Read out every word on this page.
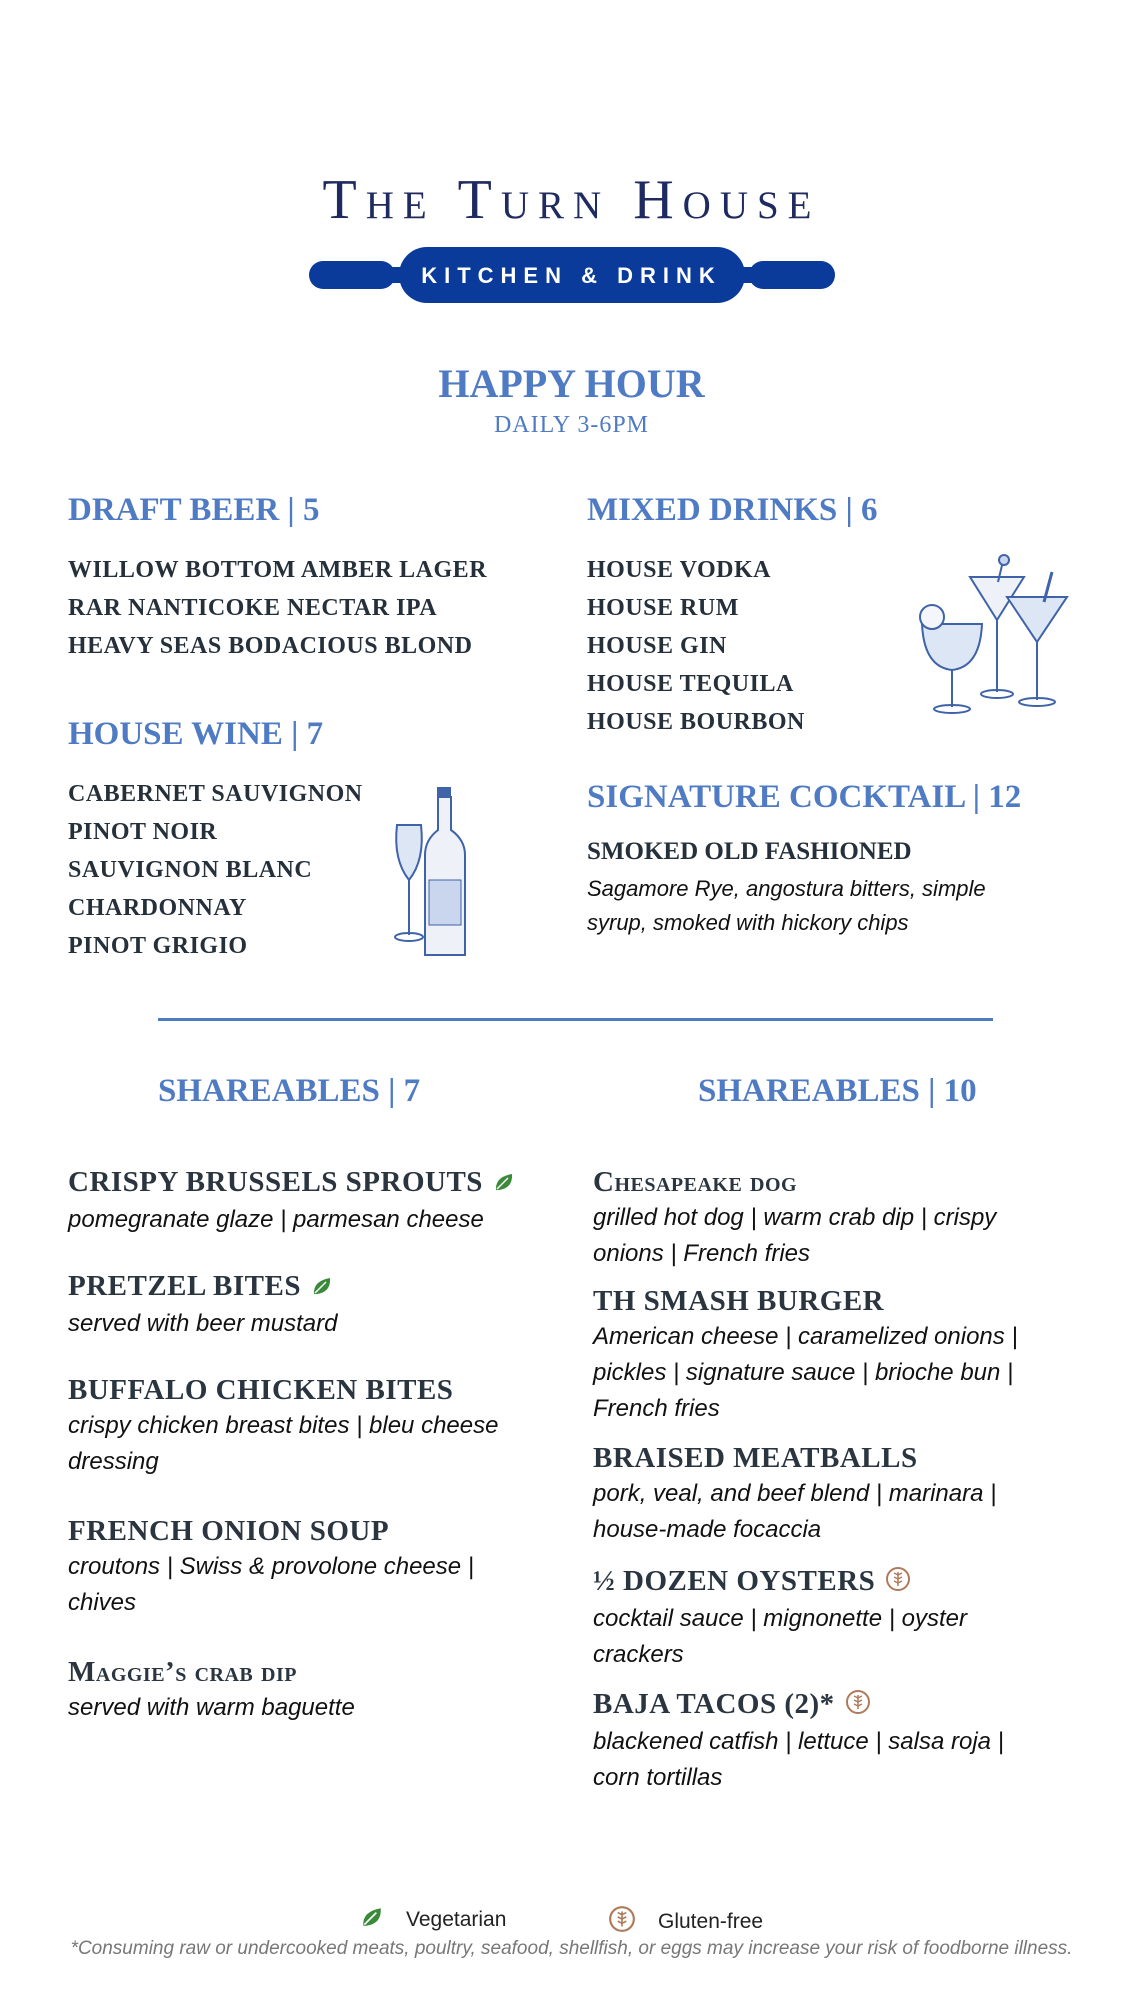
The Turn House
KITCHEN & DRINK
HAPPY HOUR
DAILY 3-6PM
DRAFT BEER | 5
WILLOW BOTTOM AMBER LAGER
RAR NANTICOKE NECTAR IPA
HEAVY SEAS BODACIOUS BLOND
HOUSE WINE | 7
CABERNET SAUVIGNON
PINOT NOIR
SAUVIGNON BLANC
CHARDONNAY
PINOT GRIGIO
MIXED DRINKS | 6
HOUSE VODKA
HOUSE RUM
HOUSE GIN
HOUSE TEQUILA
HOUSE BOURBON
SIGNATURE COCKTAIL | 12
SMOKED OLD FASHIONED
Sagamore Rye, angostura bitters, simple syrup, smoked with hickory chips
SHAREABLES | 7
CRISPY BRUSSELS SPROUTS
pomegranate glaze | parmesan cheese
PRETZEL BITES
served with beer mustard
BUFFALO CHICKEN BITES
crispy chicken breast bites | bleu cheese dressing
FRENCH ONION SOUP
croutons | Swiss & provolone cheese | chives
Maggie’s crab dip
served with warm baguette
SHAREABLES | 10
Chesapeake dog
grilled hot dog | warm crab dip | crispy onions | French fries
TH SMASH BURGER
American cheese | caramelized onions | pickles | signature sauce | brioche bun | French fries
BRAISED MEATBALLS
pork, veal, and beef blend | marinara | house-made focaccia
½ DOZEN OYSTERS
cocktail sauce | mignonette | oyster crackers
BAJA TACOS (2)*
blackened catfish | lettuce | salsa roja | corn tortillas
Vegetarian	Gluten-free
*Consuming raw or undercooked meats, poultry, seafood, shellfish, or eggs may increase your risk of foodborne illness.
